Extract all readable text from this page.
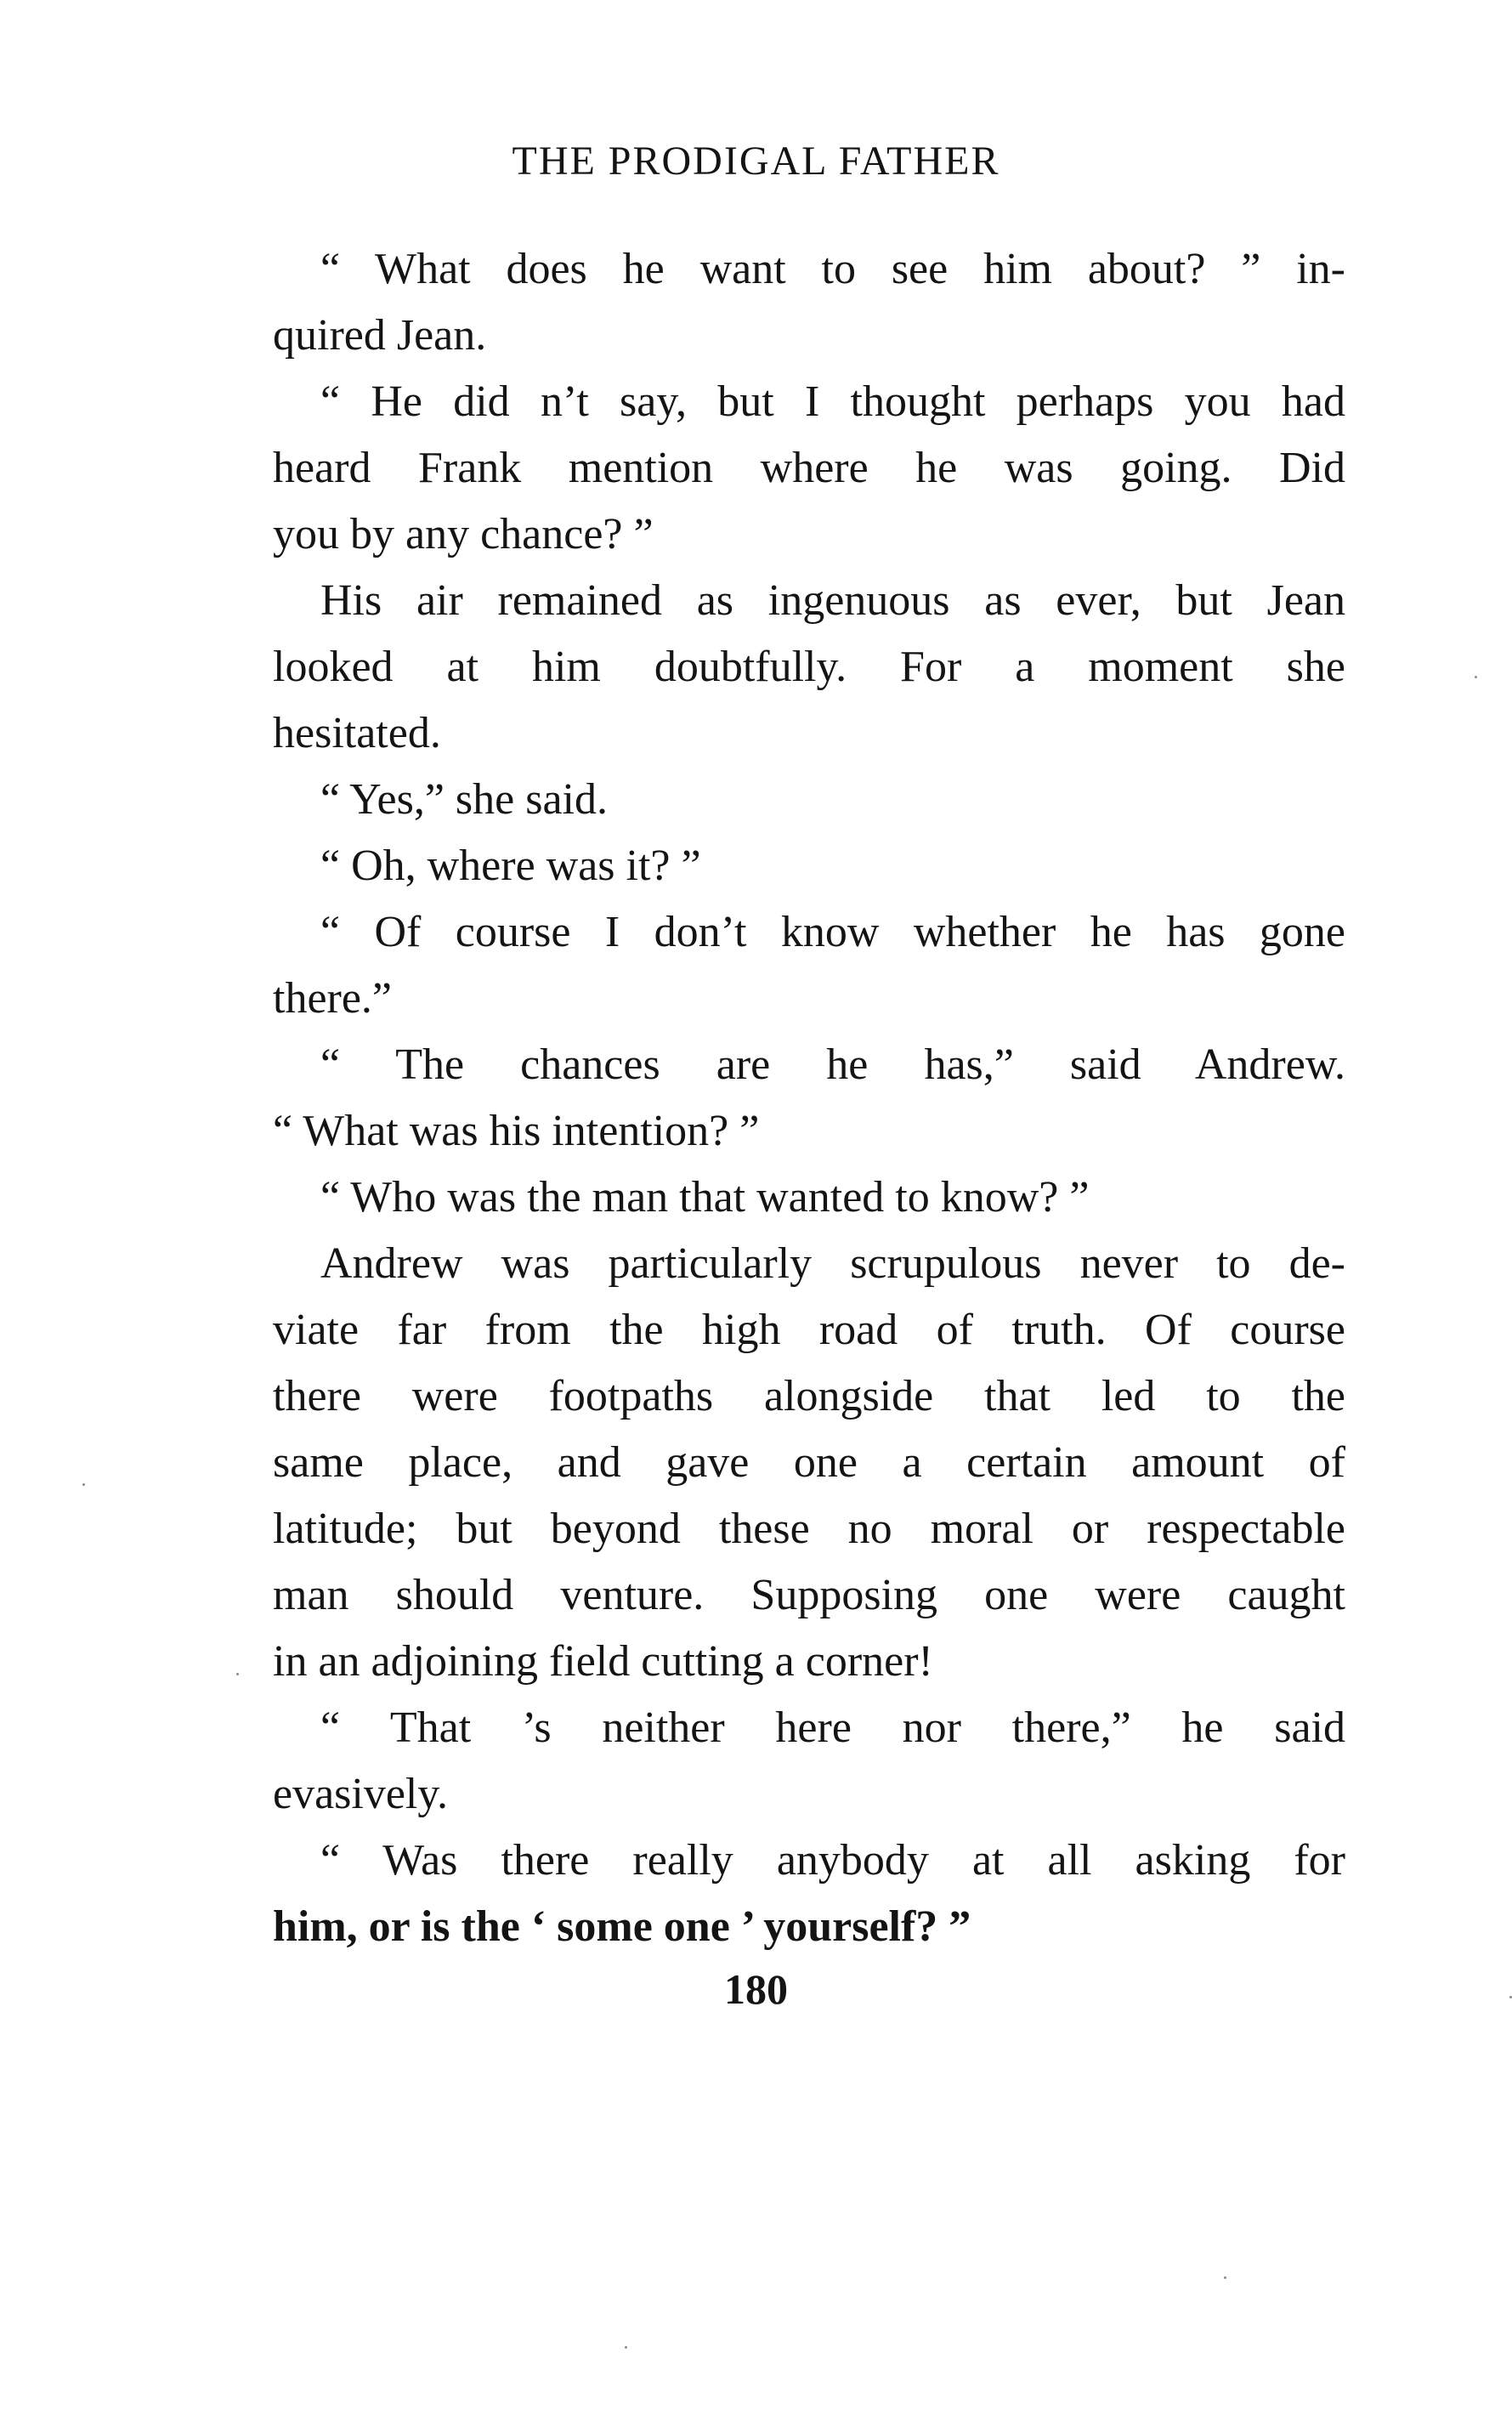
THE PRODIGAL FATHER
“ What does he want to see him about? ” in-
quired Jean.
“ He did n’t say, but I thought perhaps you had
heard Frank mention where he was going. Did
you by any chance? ”
His air remained as ingenuous as ever, but Jean
looked at him doubtfully. For a moment she
hesitated.
“ Yes,” she said.
“ Oh, where was it? ”
“ Of course I don’t know whether he has gone
there.”
“ The chances are he has,” said Andrew.
“ What was his intention? ”
“ Who was the man that wanted to know? ”
Andrew was particularly scrupulous never to de-
viate far from the high road of truth. Of course
there were footpaths alongside that led to the
same place, and gave one a certain amount of
latitude; but beyond these no moral or respectable
man should venture. Supposing one were caught
in an adjoining field cutting a corner!
“ That ’s neither here nor there,” he said
evasively.
“ Was there really anybody at all asking for
him, or is the ‘ some one ’ yourself? ”
180
